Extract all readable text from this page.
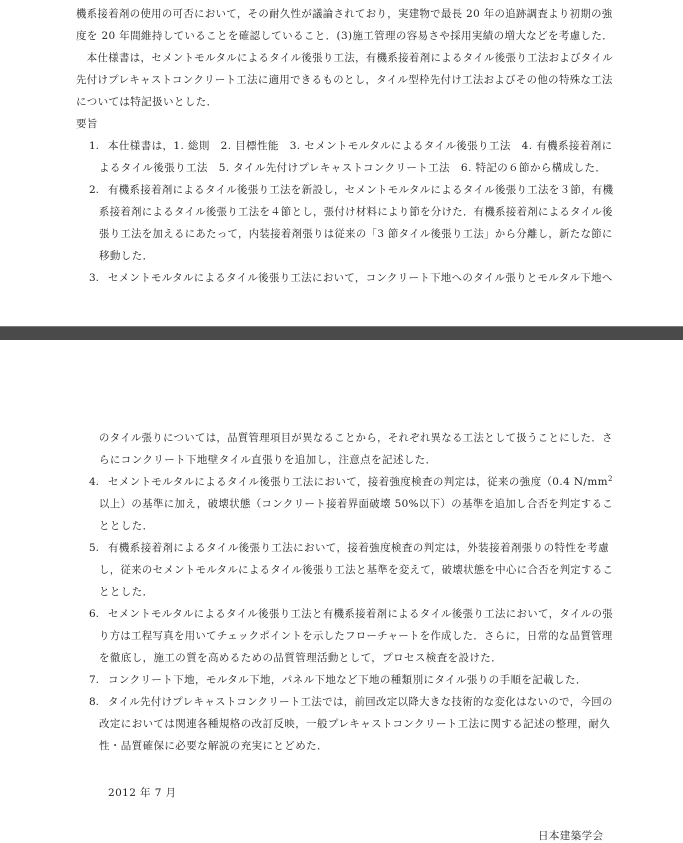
機系接着剤の使用の可否において，その耐久性が議論されており，実建物で最長 20 年の追跡調査より初期の強
度を 20 年間維持していることを確認していること．(3)施工管理の容易さや採用実績の増大などを考慮した．
　本仕様書は，セメントモルタルによるタイル後張り工法，有機系接着剤によるタイル後張り工法およびタイル
先付けプレキャストコンクリート工法に適用できるものとし，タイル型枠先付け工法およびその他の特殊な工法
については特記扱いとした．
要旨
1. 本仕様書は，1. 総則　2. 目標性能　3. セメントモルタルによるタイル後張り工法　4. 有機系接着剤に
よるタイル後張り工法　5. タイル先付けプレキャストコンクリート工法　6. 特記の６節から構成した．
2. 有機系接着剤によるタイル後張り工法を新設し，セメントモルタルによるタイル後張り工法を３節，有機
系接着剤によるタイル後張り工法を４節とし，張付け材料により節を分けた．有機系接着剤によるタイル後
張り工法を加えるにあたって，内装接着剤張りは従来の「3 節タイル後張り工法」から分離し，新たな節に
移動した．
3. セメントモルタルによるタイル後張り工法において，コンクリート下地へのタイル張りとモルタル下地へ
のタイル張りについては，品質管理項目が異なることから，それぞれ異なる工法として扱うことにした．さ
らにコンクリート下地壁タイル直張りを追加し，注意点を記述した．
4. セメントモルタルによるタイル後張り工法において，接着強度検査の判定は，従来の強度（0.4 $N/mm^2$
以上）の基準に加え，破壊状態（コンクリート接着界面破壊 50%以下）の基準を追加し合否を判定するこ
ととした．
5. 有機系接着剤によるタイル後張り工法において，接着強度検査の判定は，外装接着剤張りの特性を考慮
し，従来のセメントモルタルによるタイル後張り工法と基準を変えて，破壊状態を中心に合否を判定するこ
ととした．
6. セメントモルタルによるタイル後張り工法と有機系接着剤によるタイル後張り工法において，タイルの張
り方は工程写真を用いてチェックポイントを示したフローチャートを作成した．さらに，日常的な品質管理
を徹底し，施工の質を高めるための品質管理活動として，プロセス検査を設けた．
7. コンクリート下地，モルタル下地，パネル下地など下地の種類別にタイル張りの手順を記載した．
8. タイル先付けプレキャストコンクリート工法では，前回改定以降大きな技術的な変化はないので，今回の
改定においては関連各種規格の改訂反映，一般プレキャストコンクリート工法に関する記述の整理，耐久
性・品質確保に必要な解説の充実にとどめた．
2012 年 7 月
日本建築学会
